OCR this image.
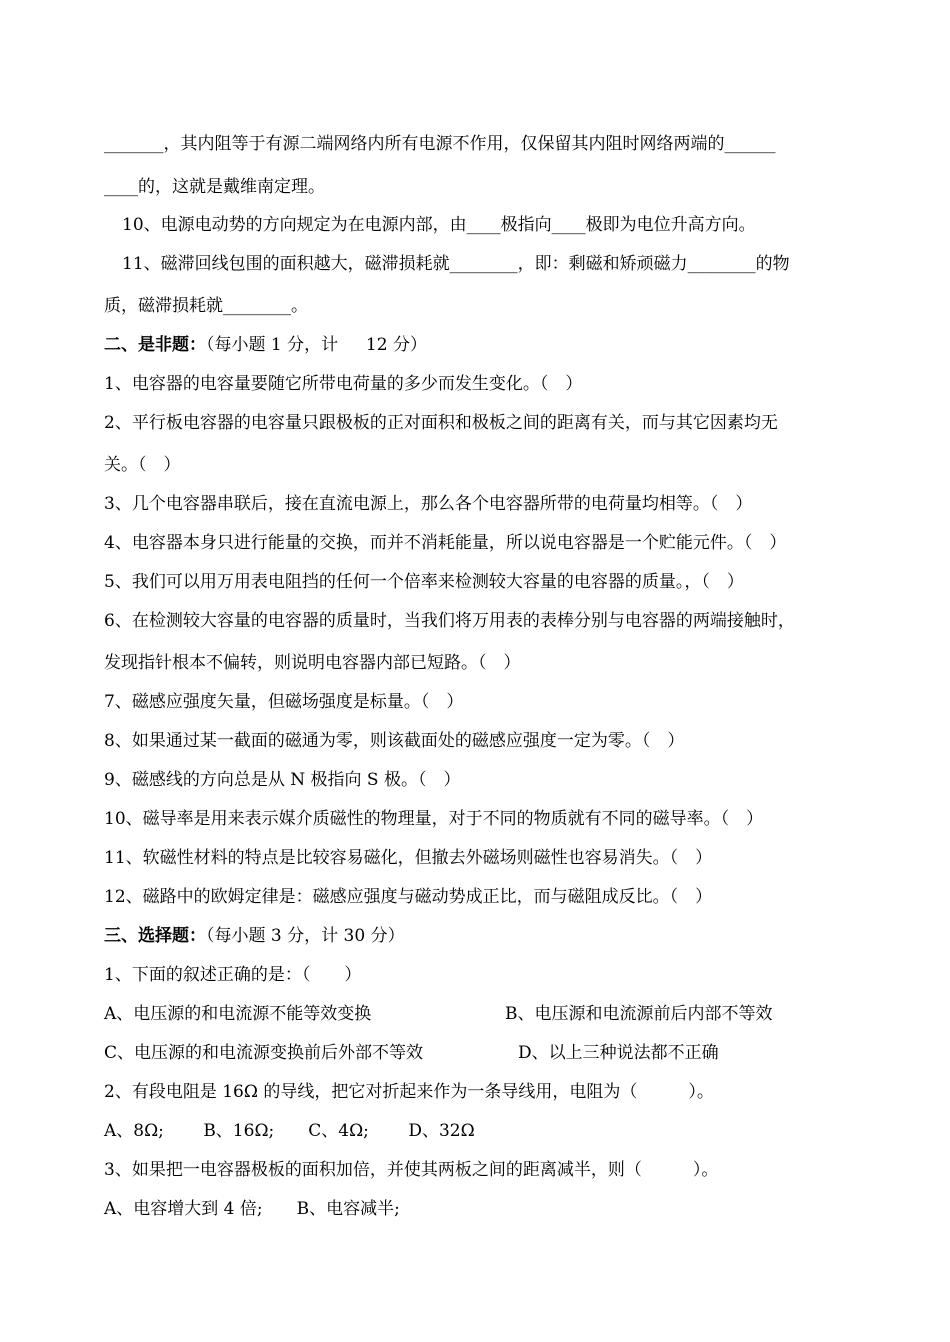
_______，其内阻等于有源二端网络内所有电源不作用，仅保留其内阻时网络两端的______
____的，这就是戴维南定理。
10、电源电动势的方向规定为在电源内部，由____极指向____极即为电位升高方向。
11、磁滞回线包围的面积越大，磁滞损耗就________，即：剩磁和矫顽磁力________的物
质，磁滞损耗就________。
二、是非题：（每小题 1 分，计　  12 分）
1、电容器的电容量要随它所带电荷量的多少而发生变化。（　）
2、平行板电容器的电容量只跟极板的正对面积和极板之间的距离有关，而与其它因素均无
关。（　）
3、几个电容器串联后，接在直流电源上，那么各个电容器所带的电荷量均相等。（　）
4、电容器本身只进行能量的交换，而并不消耗能量，所以说电容器是一个贮能元件。（　）
5、我们可以用万用表电阻挡的任何一个倍率来检测较大容量的电容器的质量。，（　）
6、在检测较大容量的电容器的质量时，当我们将万用表的表棒分别与电容器的两端接触时，
发现指针根本不偏转，则说明电容器内部已短路。（　）
7、磁感应强度矢量，但磁场强度是标量。（　）
8、如果通过某一截面的磁通为零，则该截面处的磁感应强度一定为零。（　）
9、磁感线的方向总是从 N 极指向 S 极。（　）
10、磁导率是用来表示媒介质磁性的物理量，对于不同的物质就有不同的磁导率。（　）
11、软磁性材料的特点是比较容易磁化，但撤去外磁场则磁性也容易消失。（　）
12、磁路中的欧姆定律是：磁感应强度与磁动势成正比，而与磁阻成反比。（　）
三、选择题：（每小题 3 分，计 30 分）
1、下面的叙述正确的是：（　　）
A、电压源的和电流源不能等效变换	B、电压源和电流源前后内部不等效
C、电压源的和电流源变换前后外部不等效	D、以上三种说法都不正确
2、有段电阻是 16Ω 的导线，把它对折起来作为一条导线用，电阻为（　　　）。
A、8Ω;　　 B、16Ω;　　C、4Ω;　　 D、32Ω
3、如果把一电容器极板的面积加倍，并使其两板之间的距离减半，则（　　　）。
A、电容增大到 4 倍;　　B、电容减半;
